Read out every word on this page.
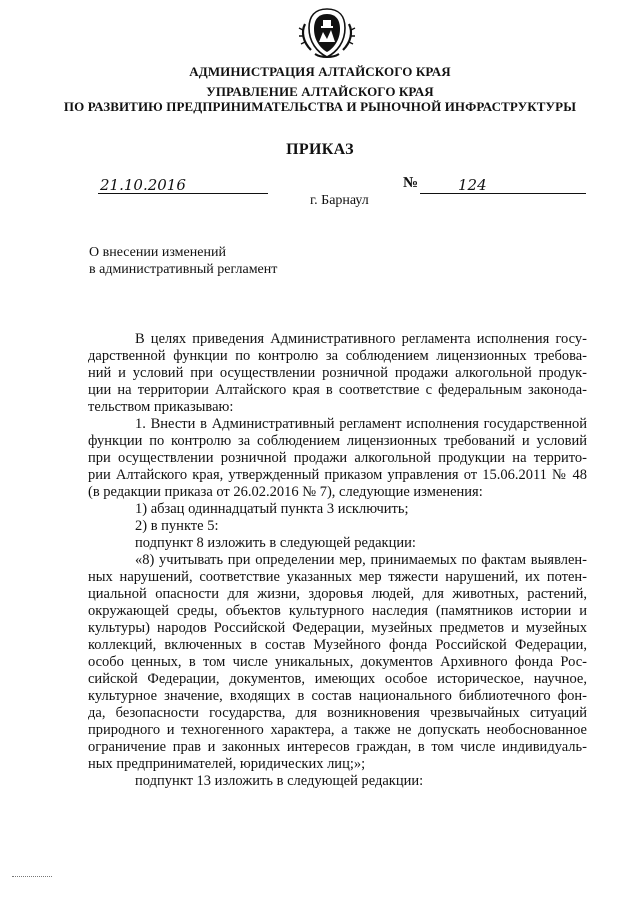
АДМИНИСТРАЦИЯ АЛТАЙСКОГО КРАЯ
УПРАВЛЕНИЕ АЛТАЙСКОГО КРАЯ
ПО РАЗВИТИЮ ПРЕДПРИНИМАТЕЛЬСТВА И РЫНОЧНОЙ ИНФРАСТРУКТУРЫ
ПРИКАЗ
21.10.2016	№	124
г. Барнаул
О внесении изменений
в административный регламент
В целях приведения Административного регламента исполнения госу-
дарственной функции по контролю за соблюдением лицензионных требова-
ний и условий при осуществлении розничной продажи алкогольной продук-
ции на территории Алтайского края в соответствие с федеральным законода-
тельством приказываю:
1. Внести в Административный регламент исполнения государственной
функции по контролю за соблюдением лицензионных требований и условий
при осуществлении розничной продажи алкогольной продукции на террито-
рии Алтайского края, утвержденный приказом управления от 15.06.2011 № 48
(в редакции приказа от 26.02.2016 № 7), следующие изменения:
1) абзац одиннадцатый пункта 3 исключить;
2) в пункте 5:
подпункт 8 изложить в следующей редакции:
«8) учитывать при определении мер, принимаемых по фактам выявлен-
ных нарушений, соответствие указанных мер тяжести нарушений, их потен-
циальной опасности для жизни, здоровья людей, для животных, растений,
окружающей среды, объектов культурного наследия (памятников истории и
культуры) народов Российской Федерации, музейных предметов и музейных
коллекций, включенных в состав Музейного фонда Российской Федерации,
особо ценных, в том числе уникальных, документов Архивного фонда Рос-
сийской Федерации, документов, имеющих особое историческое, научное,
культурное значение, входящих в состав национального библиотечного фон-
да, безопасности государства, для возникновения чрезвычайных ситуаций
природного и техногенного характера, а также не допускать необоснованное
ограничение прав и законных интересов граждан, в том числе индивидуаль-
ных предпринимателей, юридических лиц;»;
подпункт 13 изложить в следующей редакции:
